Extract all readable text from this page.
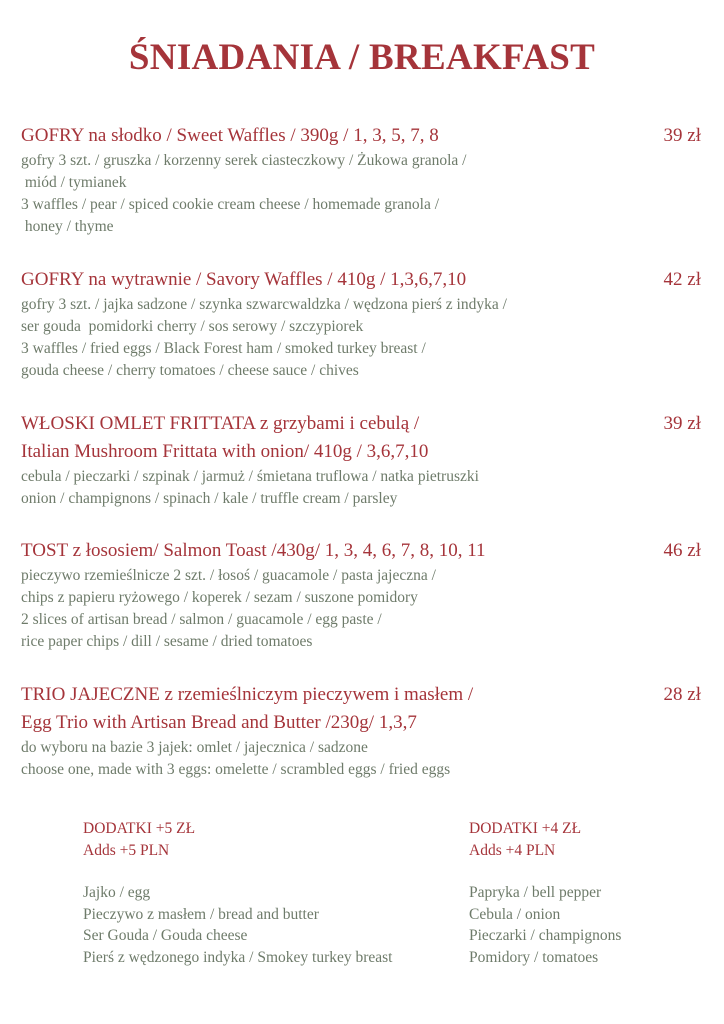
ŚNIADANIA / BREAKFAST
GOFRY na słodko / Sweet Waffles / 390g / 1, 3, 5, 7, 8	39 zł
gofry 3 szt. / gruszka / korzenny serek ciasteczkowy / Żukowa granola /
miód / tymianek
3 waffles / pear / spiced cookie cream cheese / homemade granola /
honey / thyme
GOFRY na wytrawnie / Savory Waffles / 410g / 1,3,6,7,10	42 zł
gofry 3 szt. / jajka sadzone / szynka szwarcwaldzka / wędzona pierś z indyka /
ser gouda  pomidorki cherry / sos serowy / szczypiorek
3 waffles / fried eggs / Black Forest ham / smoked turkey breast /
gouda cheese / cherry tomatoes / cheese sauce / chives
WŁOSKI OMLET FRITTATA z grzybami i cebulą /
Italian Mushroom Frittata with onion/ 410g / 3,6,7,10
39 zł
cebula / pieczarki / szpinak / jarmuż / śmietana truflowa / natka pietruszki
onion / champignons / spinach / kale / truffle cream / parsley
TOST z łososiem/ Salmon Toast /430g/ 1, 3, 4, 6, 7, 8, 10, 11	46 zł
pieczywo rzemieślnicze 2 szt. / łosoś / guacamole / pasta jajeczna /
chips z papieru ryżowego / koperek / sezam / suszone pomidory
2 slices of artisan bread / salmon / guacamole / egg paste /
rice paper chips / dill / sesame / dried tomatoes
TRIO JAJECZNE z rzemieślniczym pieczywem i masłem /
Egg Trio with Artisan Bread and Butter /230g/ 1,3,7
28 zł
do wyboru na bazie 3 jajek: omlet / jajecznica / sadzone
choose one, made with 3 eggs: omelette / scrambled eggs / fried eggs
DODATKI +5 ZŁ
Adds +5 PLN
Jajko / egg
Pieczywo z masłem / bread and butter
Ser Gouda / Gouda cheese
Pierś z wędzonego indyka / Smokey turkey breast
DODATKI +4 ZŁ
Adds +4 PLN
Papryka / bell pepper
Cebula / onion
Pieczarki / champignons
Pomidory / tomatoes
